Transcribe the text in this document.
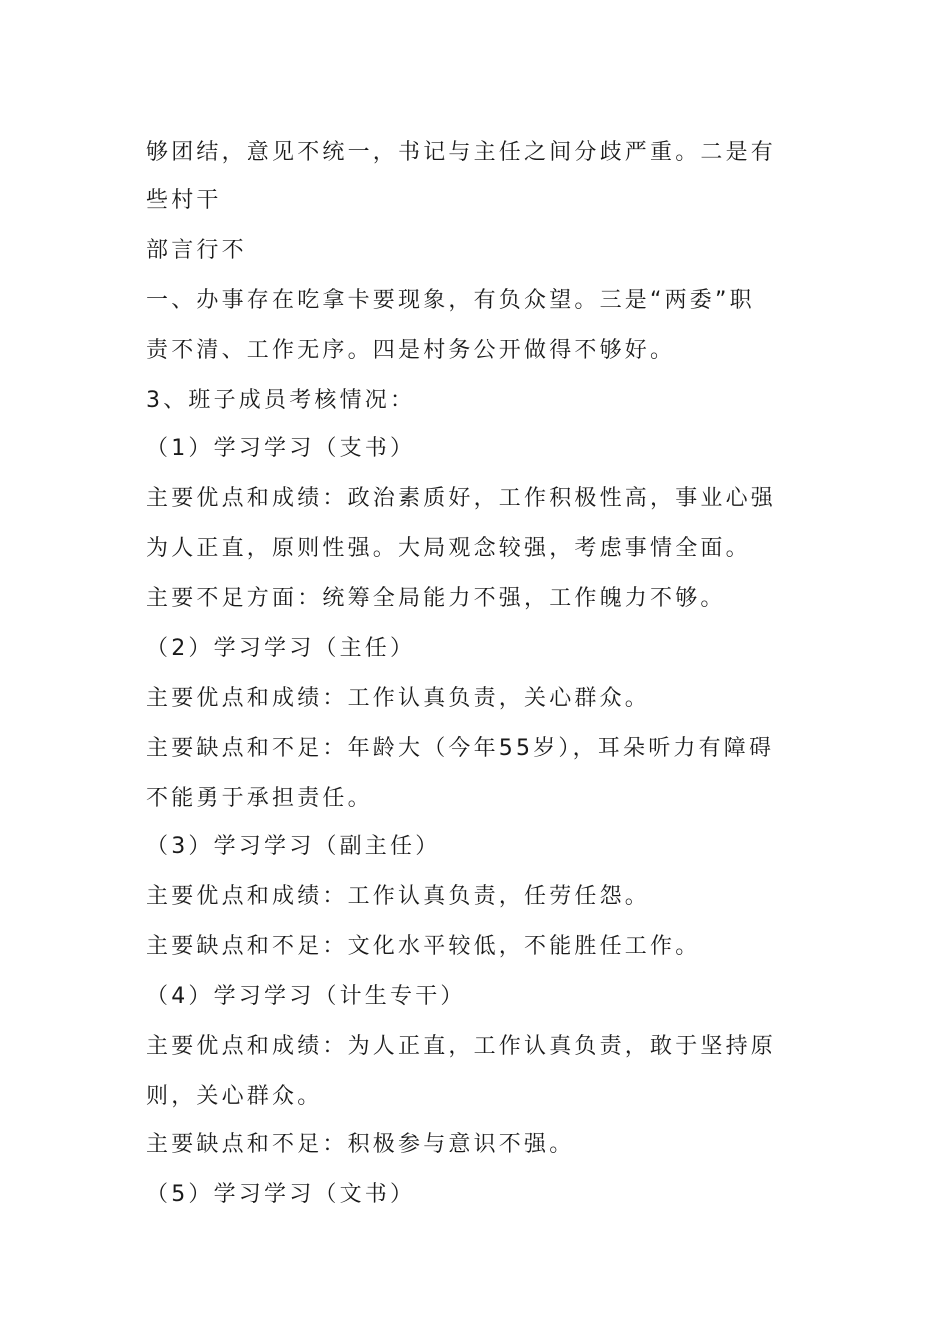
够团结，意见不统一，书记与主任之间分歧严重。二是有
些村干
部言行不
一、办事存在吃拿卡要现象，有负众望。三是“两委”职
责不清、工作无序。四是村务公开做得不够好。
3、班子成员考核情况：
（1）学习学习（支书）
主要优点和成绩：政治素质好，工作积极性高，事业心强
为人正直，原则性强。大局观念较强，考虑事情全面。
主要不足方面：统筹全局能力不强，工作魄力不够。
（2）学习学习（主任）
主要优点和成绩：工作认真负责，关心群众。
主要缺点和不足：年龄大（今年55岁），耳朵听力有障碍
不能勇于承担责任。
（3）学习学习（副主任）
主要优点和成绩：工作认真负责，任劳任怨。
主要缺点和不足：文化水平较低，不能胜任工作。
（4）学习学习（计生专干）
主要优点和成绩：为人正直，工作认真负责，敢于坚持原
则，关心群众。
主要缺点和不足：积极参与意识不强。
（5）学习学习（文书）
